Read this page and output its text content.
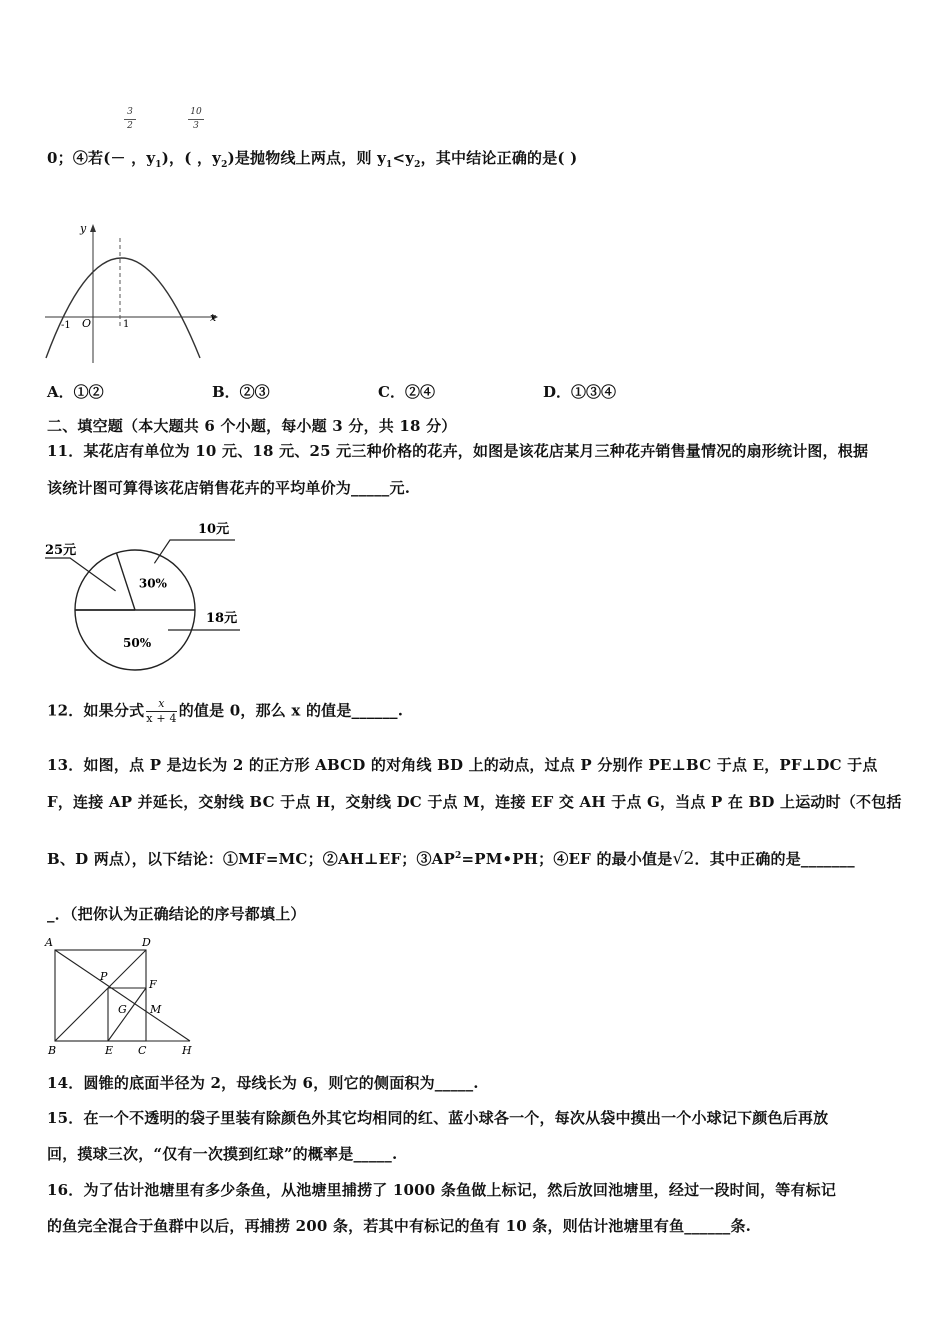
3
2
10
3
0；④若(－ ，$y_1$)，( ，$y_2$)是抛物线上两点，则 $y_1<y_2$，其中结论正确的是( )
y
x
O
-1	1
A．①②	B．②③	C．②④	D．①③④
二、填空题（本大题共 6 个小题，每小题 3 分，共 18 分）
11．某花店有单位为 10 元、18 元、25 元三种价格的花卉，如图是该花店某月三种花卉销售量情况的扇形统计图，根据
该统计图可算得该花店销售花卉的平均单价为_____元.
30%
50%
10元
25元
18元
12．如果分式 $\frac{x}{x + 4}$ 的值是 0，那么 x 的值是______.
13．如图，点 P 是边长为 2 的正方形 ABCD 的对角线 BD 上的动点，过点 P 分别作 PE⊥BC 于点 E，PF⊥DC 于点
F，连接 AP 并延长，交射线 BC 于点 H，交射线 DC 于点 M，连接 EF 交 AH 于点 G，当点 P 在 BD 上运动时（不包括
B、D 两点），以下结论：①MF=MC；②AH⊥EF；$③AP^2=PM•PH$；④EF 的最小值是√2．其中正确的是_______
_．（把你认为正确结论的序号都填上）
A	D
P
F
G M
B	E C	H
14．圆锥的底面半径为 2，母线长为 6，则它的侧面积为_____.
15．在一个不透明的袋子里装有除颜色外其它均相同的红、蓝小球各一个，每次从袋中摸出一个小球记下颜色后再放
回，摸球三次，“仅有一次摸到红球”的概率是_____.
16．为了估计池塘里有多少条鱼，从池塘里捕捞了 1000 条鱼做上标记，然后放回池塘里，经过一段时间，等有标记
的鱼完全混合于鱼群中以后，再捕捞 200 条，若其中有标记的鱼有 10 条，则估计池塘里有鱼______条.
